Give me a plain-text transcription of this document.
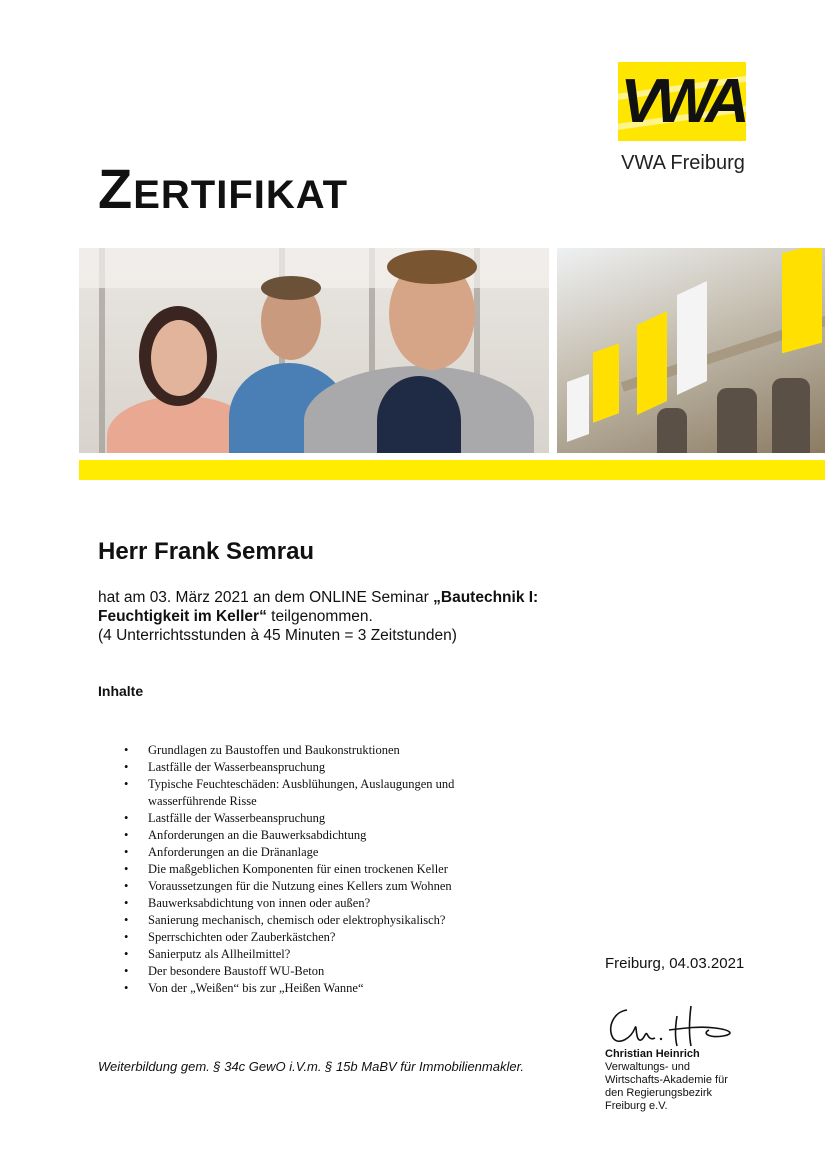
VWA
VWA Freiburg
ZERTIFIKAT
Herr Frank Semrau
hat am 03. März 2021 an dem ONLINE Seminar „Bautechnik I:
Feuchtigkeit im Keller“ teilgenommen.
(4 Unterrichtsstunden à 45 Minuten = 3 Zeitstunden)
Inhalte
• Grundlagen zu Baustoffen und Baukonstruktionen
• Lastfälle der Wasserbeanspruchung
• Typische Feuchteschäden: Ausblühungen, Auslaugungen und wasserführende Risse
• Lastfälle der Wasserbeanspruchung
• Anforderungen an die Bauwerksabdichtung
• Anforderungen an die Dränanlage
• Die maßgeblichen Komponenten für einen trockenen Keller
• Voraussetzungen für die Nutzung eines Kellers zum Wohnen
• Bauwerksabdichtung von innen oder außen?
• Sanierung mechanisch, chemisch oder elektrophysikalisch?
• Sperrschichten oder Zauberkästchen?
• Sanierputz als Allheilmittel?
• Der besondere Baustoff WU-Beton
• Von der „Weißen“ bis zur „Heißen Wanne“
Freiburg, 04.03.2021
Christian Heinrich
Verwaltungs- und
Wirtschafts-Akademie für
den Regierungsbezirk
Freiburg e.V.
Weiterbildung gem. § 34c GewO i.V.m. § 15b MaBV für Immobilienmakler.
